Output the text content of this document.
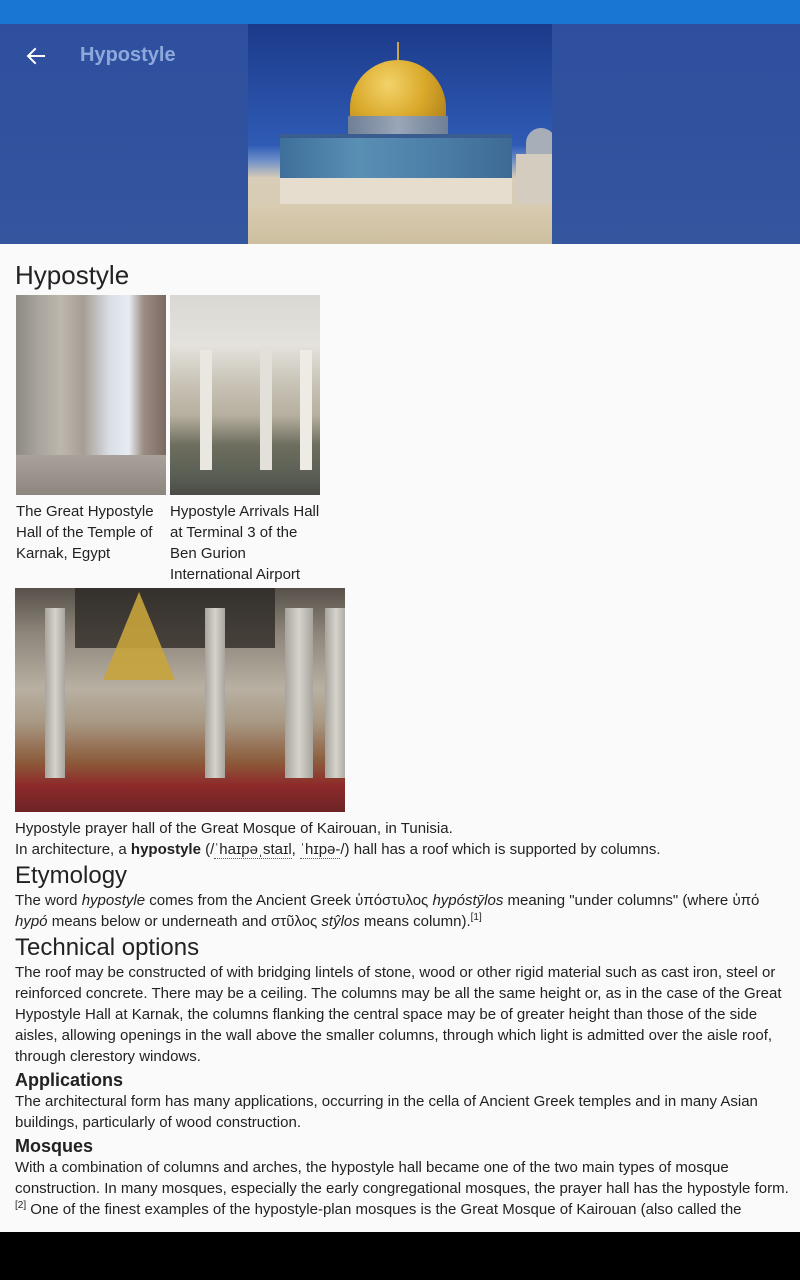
Hypostyle
Hypostyle
The Great Hypostyle Hall of the Temple of Karnak, Egypt
Hypostyle Arrivals Hall at Terminal 3 of the Ben Gurion International Airport
Hypostyle prayer hall of the Great Mosque of Kairouan, in Tunisia.

In architecture, a hypostyle (/ˈhaɪpəˌstaɪl, ˈhɪpə-/) hall has a roof which is supported by columns.

Etymology

The word hypostyle comes from the Ancient Greek ὑπόστυλος hypóstȳlos meaning "under columns" (where ὑπό hypó means below or underneath and στῦλος stŷlos means column).[1]

Technical options

The roof may be constructed of with bridging lintels of stone, wood or other rigid material such as cast iron, steel or reinforced concrete. There may be a ceiling. The columns may be all the same height or, as in the case of the Great Hypostyle Hall at Karnak, the columns flanking the central space may be of greater height than those of the side aisles, allowing openings in the wall above the smaller columns, through which light is admitted over the aisle roof, through clerestory windows.

Applications

The architectural form has many applications, occurring in the cella of Ancient Greek temples and in many Asian buildings, particularly of wood construction.

Mosques

With a combination of columns and arches, the hypostyle hall became one of the two main types of mosque construction. In many mosques, especially the early congregational mosques, the prayer hall has the hypostyle form. [2] One of the finest examples of the hypostyle-plan mosques is the Great Mosque of Kairouan (also called the
